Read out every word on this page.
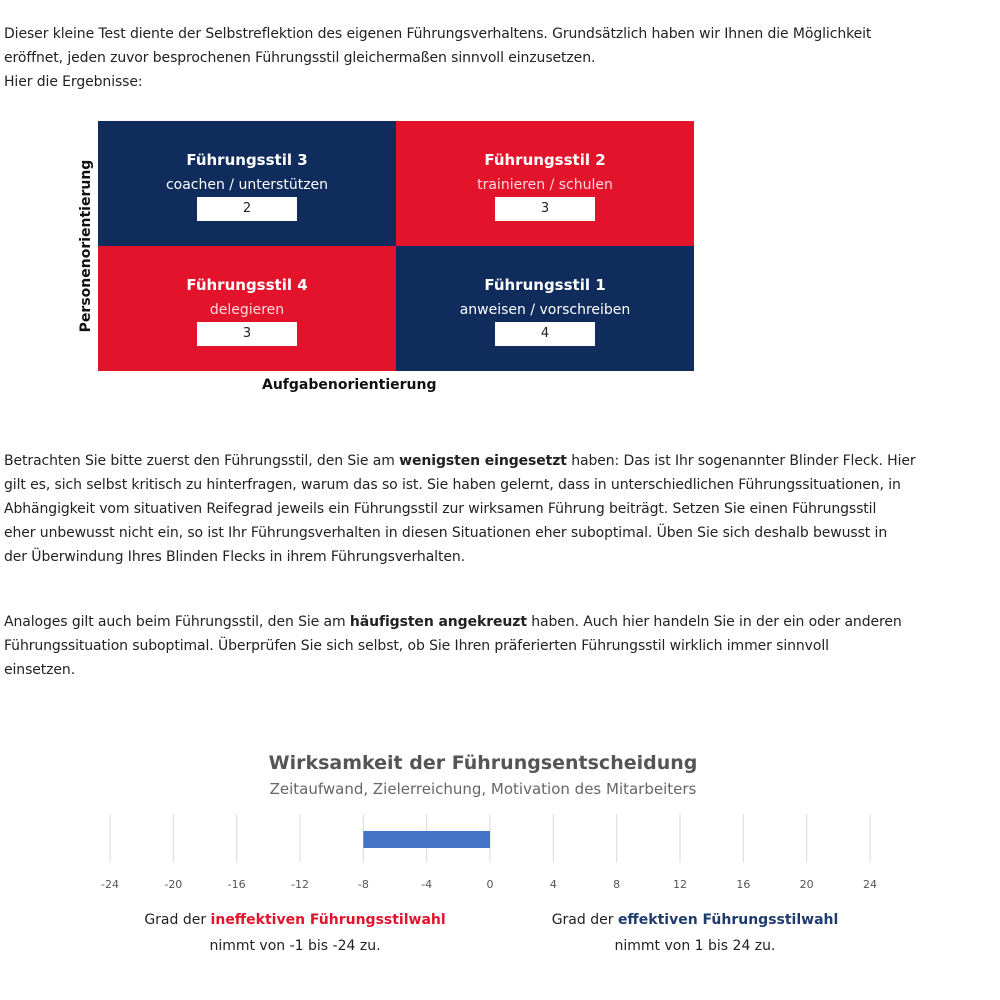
Dieser kleine Test diente der Selbstreflektion des eigenen Führungsverhaltens. Grundsätzlich haben wir Ihnen die Möglichkeit
eröffnet, jeden zuvor besprochenen Führungsstil gleichermaßen sinnvoll einzusetzen.
Hier die Ergebnisse:
Personenorientierung	Führungsstil 3
coachen / unterstützen
2
Führungsstil 2
trainieren / schulen
3
Führungsstil 4
delegieren
3
Führungsstil 1
anweisen / vorschreiben
4
Aufgabenorientierung
Betrachten Sie bitte zuerst den Führungsstil, den Sie am wenigsten eingesetzt haben: Das ist Ihr sogenannter Blinder Fleck. Hier
gilt es, sich selbst kritisch zu hinterfragen, warum das so ist. Sie haben gelernt, dass in unterschiedlichen Führungssituationen, in
Abhängigkeit vom situativen Reifegrad jeweils ein Führungsstil zur wirksamen Führung beiträgt. Setzen Sie einen Führungsstil
eher unbewusst nicht ein, so ist Ihr Führungsverhalten in diesen Situationen eher suboptimal. Üben Sie sich deshalb bewusst in
der Überwindung Ihres Blinden Flecks in ihrem Führungsverhalten.
Analoges gilt auch beim Führungsstil, den Sie am häufigsten angekreuzt haben. Auch hier handeln Sie in der ein oder anderen
Führungssituation suboptimal. Überprüfen Sie sich selbst, ob Sie Ihren präferierten Führungsstil wirklich immer sinnvoll
einsetzen.
Wirksamkeit der Führungsentscheidung
Zeitaufwand, Zielerreichung, Motivation des Mitarbeiters
-24	-20	-16	-12	-8	-4	0	4	8	12	16	20	24
Grad der ineffektiven Führungsstilwahl
nimmt von -1 bis -24 zu.
Grad der effektiven Führungsstilwahl
nimmt von 1 bis 24 zu.
